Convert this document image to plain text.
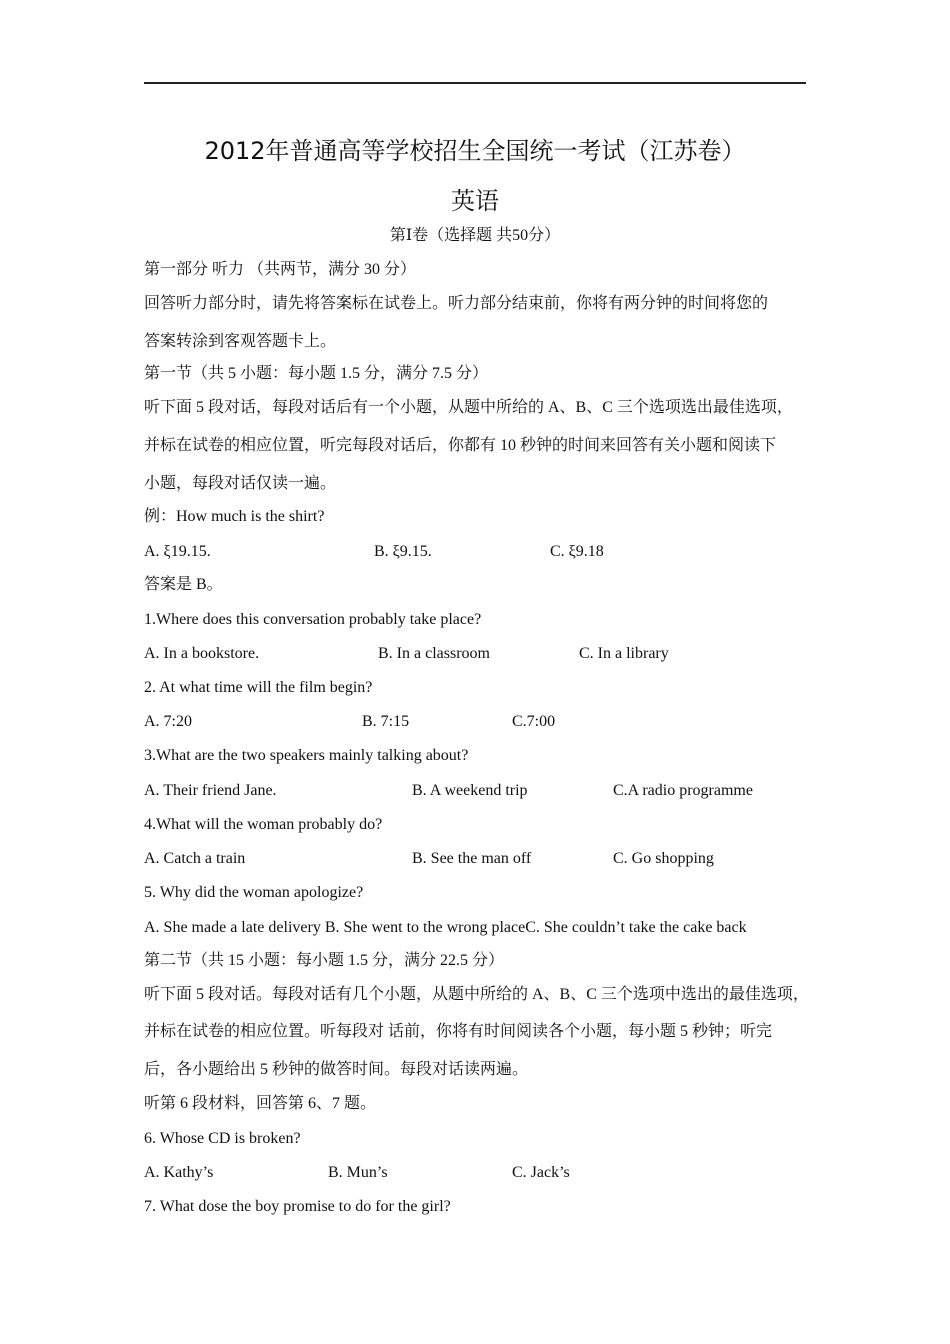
2012年普通高等学校招生全国统一考试（江苏卷）
英语
第Ⅰ卷（选择题 共50分）
第一部分 听力 （共两节，满分 30 分）
回答听力部分时，请先将答案标在试卷上。听力部分结束前，你将有两分钟的时间将您的
答案转涂到客观答题卡上。
第一节（共 5 小题：每小题 1.5 分，满分 7.5 分）
听下面 5 段对话，每段对话后有一个小题，从题中所给的 A、B、C 三个选项选出最佳选项，
并标在试卷的相应位置，听完每段对话后，你都有 10 秒钟的时间来回答有关小题和阅读下
小题，每段对话仅读一遍。
例：How much is the shirt?
A. ξ19.15.	B. ξ9.15.	C. ξ9.18
答案是 B。
1.Where does this conversation probably take place?
A. In a bookstore.	B. In a classroom	C. In a library
2. At what time will the film begin?
A. 7:20	B. 7:15	C.7:00
3.What are the two speakers mainly talking about?
A. Their friend Jane.	B. A weekend trip	C.A radio programme
4.What will the woman probably do?
A. Catch a train	B. See the man off	C. Go shopping
5. Why did the woman apologize?
A. She made a late delivery B. She went to the wrong placeC. She couldn’t take the cake back
第二节（共 15 小题：每小题 1.5 分，满分 22.5 分）
听下面 5 段对话。每段对话有几个小题，从题中所给的 A、B、C 三个选项中选出的最佳选项，
并标在试卷的相应位置。听每段对 话前，你将有时间阅读各个小题，每小题 5 秒钟；听完
后，各小题给出 5 秒钟的做答时间。每段对话读两遍。
听第 6 段材料，回答第 6、7 题。
6. Whose CD is broken?
A. Kathy’s	B. Mun’s	C. Jack’s
7. What dose the boy promise to do for the girl?
